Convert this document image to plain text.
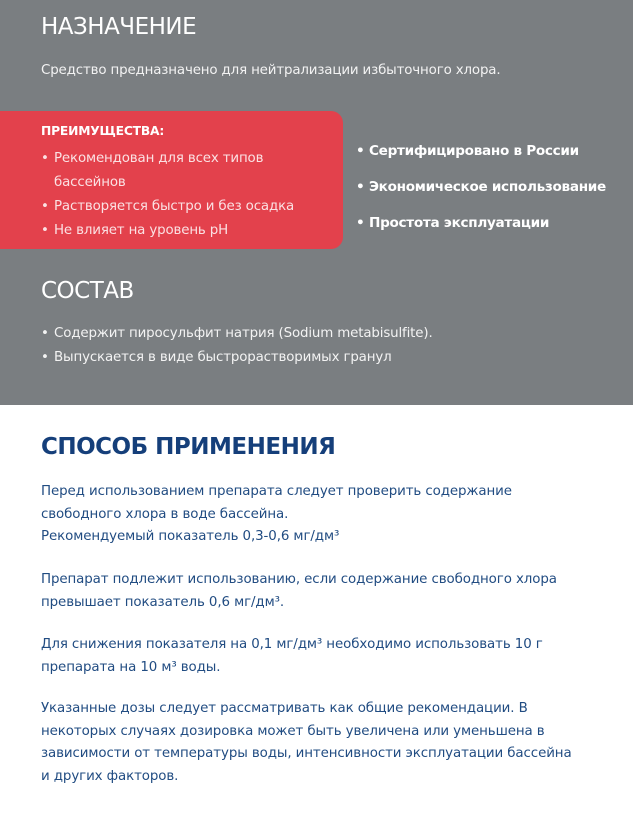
НАЗНАЧЕНИЕ

Средство предназначено для нейтрализации избыточного хлора.

ПРЕИМУЩЕСТВА:

• Рекомендован для всех типов
бассейнов
• Растворяется быстро и без осадка
• Не влияет на уровень рН
• Сертифицировано в России
• Экономическое использование
• Простота эксплуатации
СОСТАВ
• Содержит пиросульфит натрия (Sodium metabisulfite).
• Выпускается в виде быстрорастворимых гранул
СПОСОБ ПРИМЕНЕНИЯ

Перед использованием препарата следует проверить содержание
свободного хлора в воде бассейна.
Рекомендуемый показатель 0,3-0,6 мг/дм³

Препарат подлежит использованию, если содержание свободного хлора
превышает показатель 0,6 мг/дм³.

Для снижения показателя на 0,1 мг/дм³ необходимо использовать 10 г
препарата на 10 м³ воды.

Указанные дозы следует рассматривать как общие рекомендации. В
некоторых случаях дозировка может быть увеличена или уменьшена в
зависимости от температуры воды, интенсивности эксплуатации бассейна
и других факторов.
